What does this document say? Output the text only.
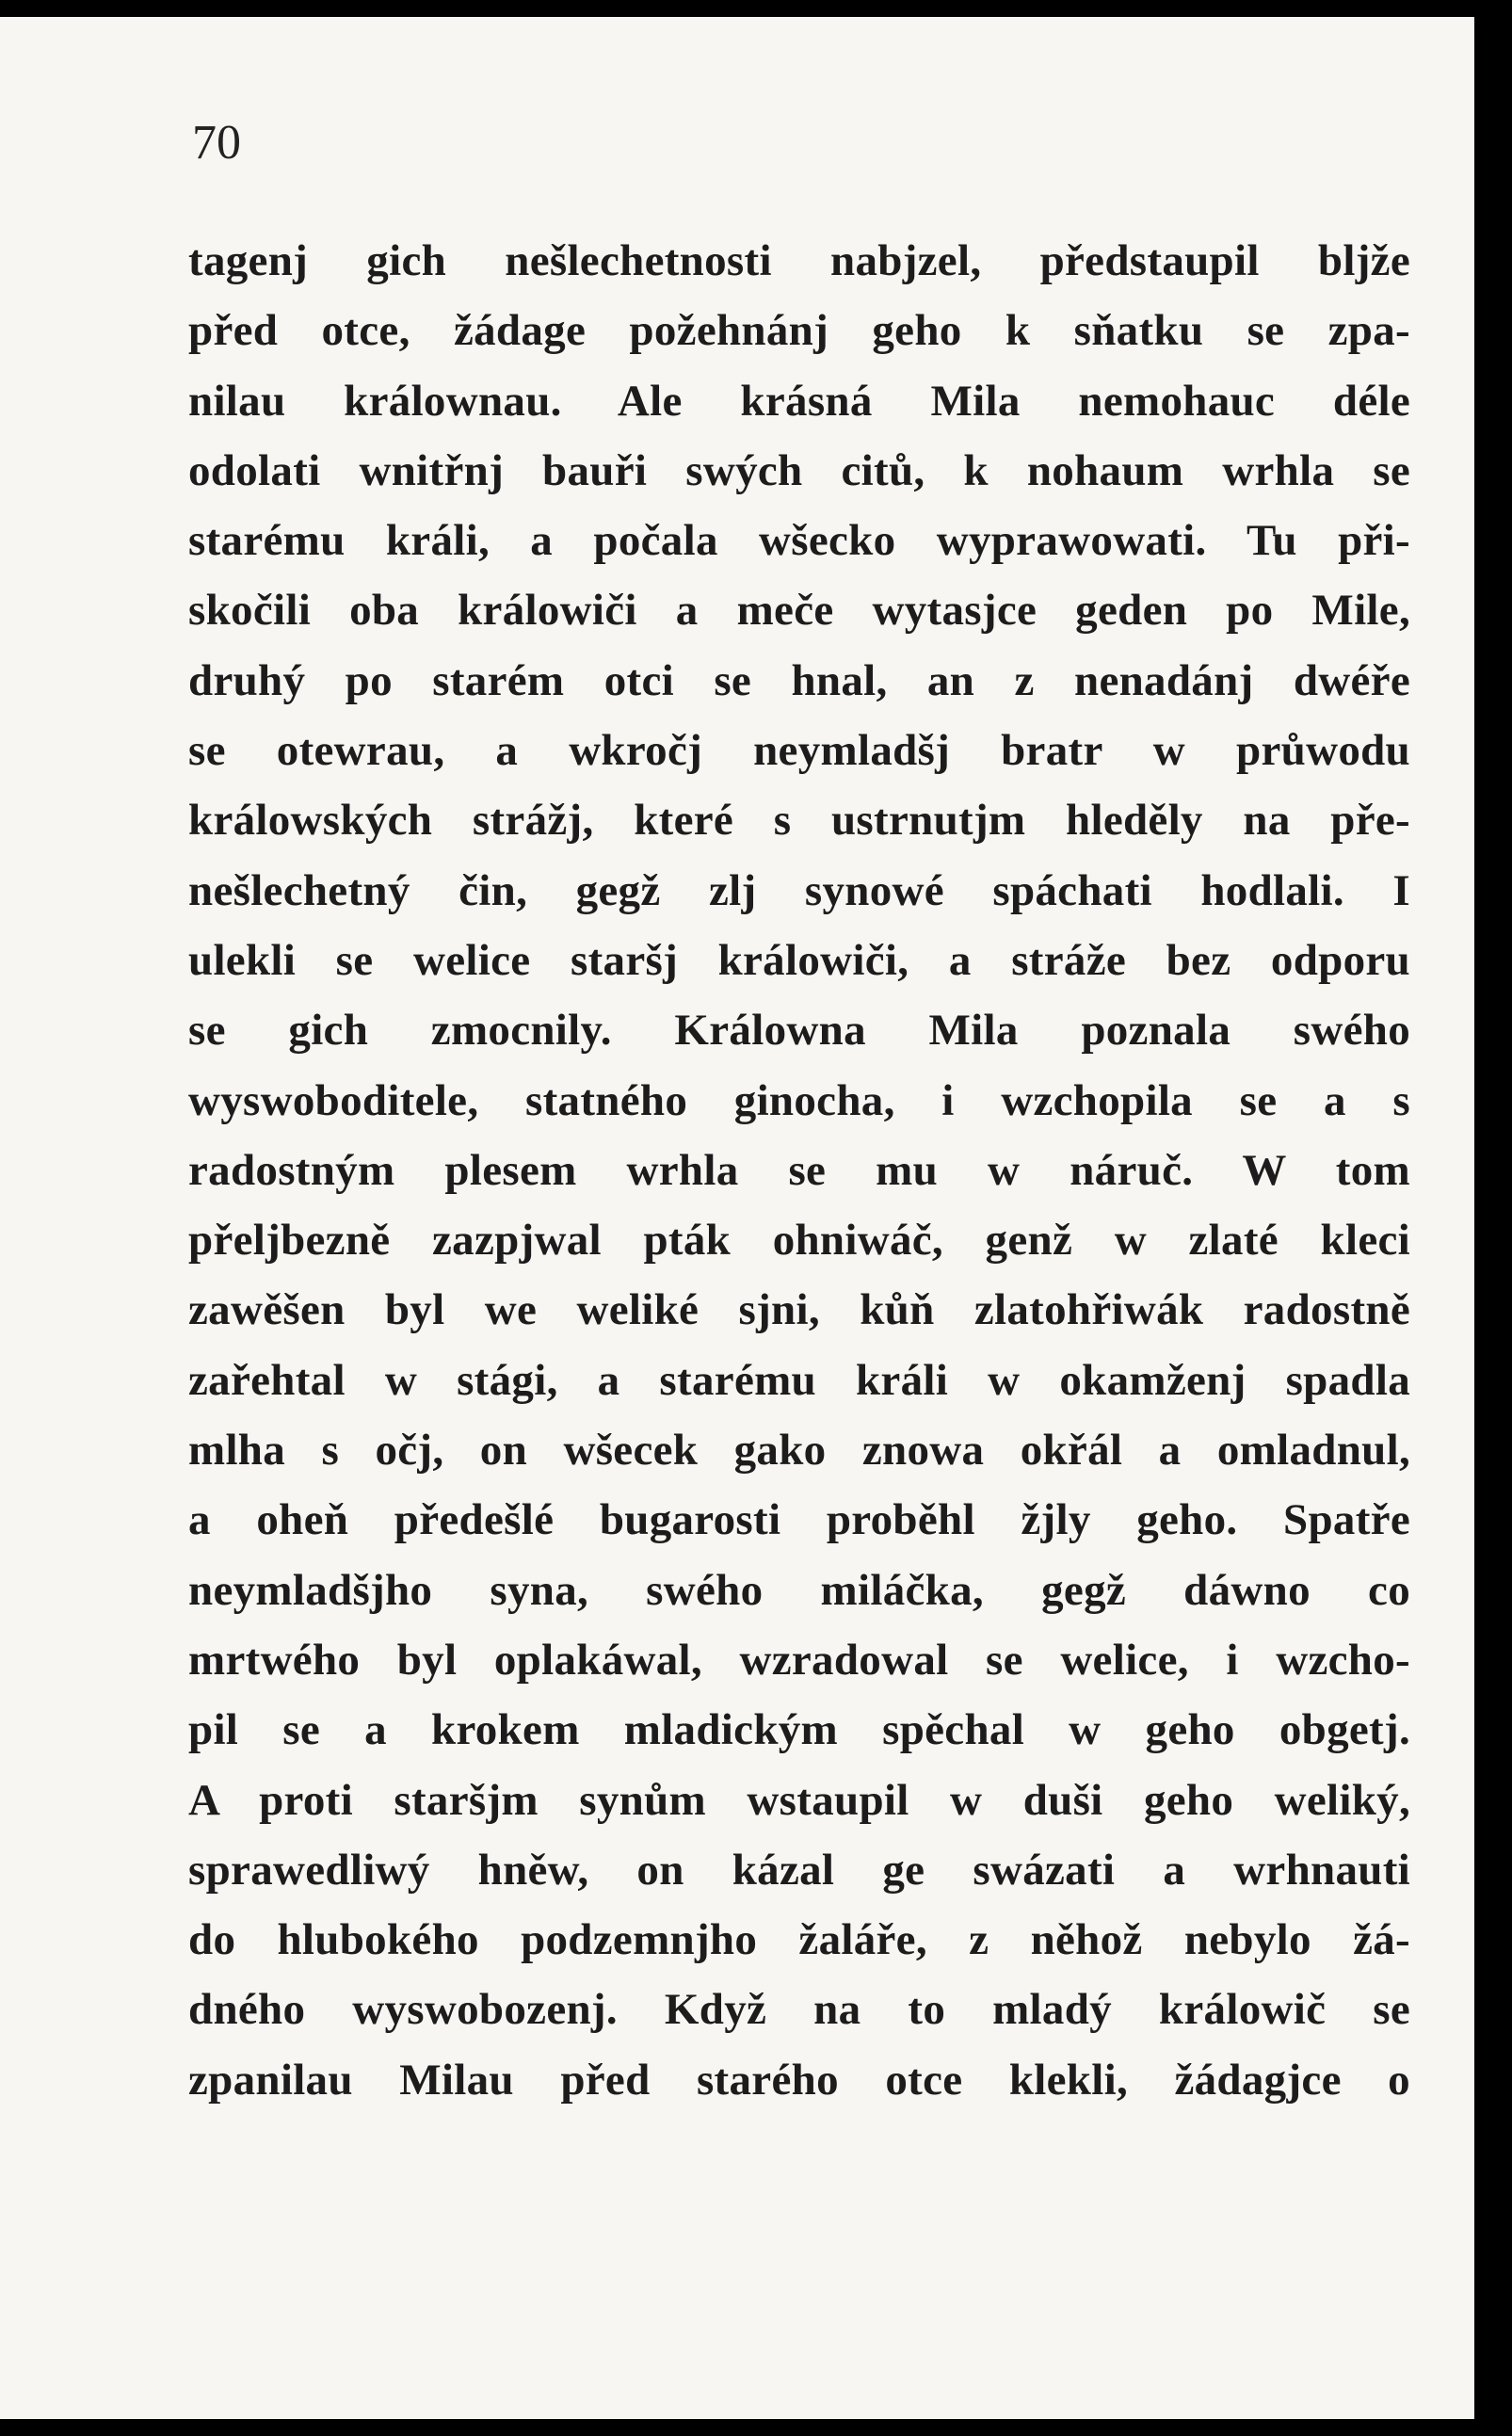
70

tagenj gich nešlechetnosti nabjzel, předstaupil bljže
před otce, žádage požehnánj geho k sňatku se zpa-
nilau králownau. Ale krásná Mila nemohauc déle
odolati wnitřnj bauři swých citů, k nohaum wrhla se
starému králi, a počala wšecko wyprawowati. Tu při-
skočili oba králowiči a meče wytasjce geden po Mile,
druhý po starém otci se hnal, an z nenadánj dwéře
se otewrau, a wkročj neymladšj bratr w průwodu
králowských strážj, které s ustrnutjm hleděly na pře-
nešlechetný čin, gegž zlj synowé spáchati hodlali. I
ulekli se welice staršj králowiči, a stráže bez odporu
se gich zmocnily. Králowna Mila poznala swého
wyswoboditele, statného ginocha, i wzchopila se a s
radostným plesem wrhla se mu w náruč. W tom
přeljbezně zazpjwal pták ohniwáč, genž w zlaté kleci
zawěšen byl we weliké sjni, kůň zlatohřiwák radostně
zařehtal w stági, a starému králi w okamženj spadla
mlha s očj, on wšecek gako znowa okřál a omladnul,
a oheň předešlé bugarosti proběhl žjly geho. Spatře
neymladšjho syna, swého miláčka, gegž dáwno co
mrtwého byl oplakáwal, wzradowal se welice, i wzcho-
pil se a krokem mladickým spěchal w geho obgetj.
A proti staršjm synům wstaupil w duši geho weliký,
sprawedliwý hněw, on kázal ge swázati a wrhnauti
do hlubokého podzemnjho žaláře, z něhož nebylo žá-
dného wyswobozenj. Když na to mladý králowič se
zpanilau Milau před starého otce klekli, žádagjce o
